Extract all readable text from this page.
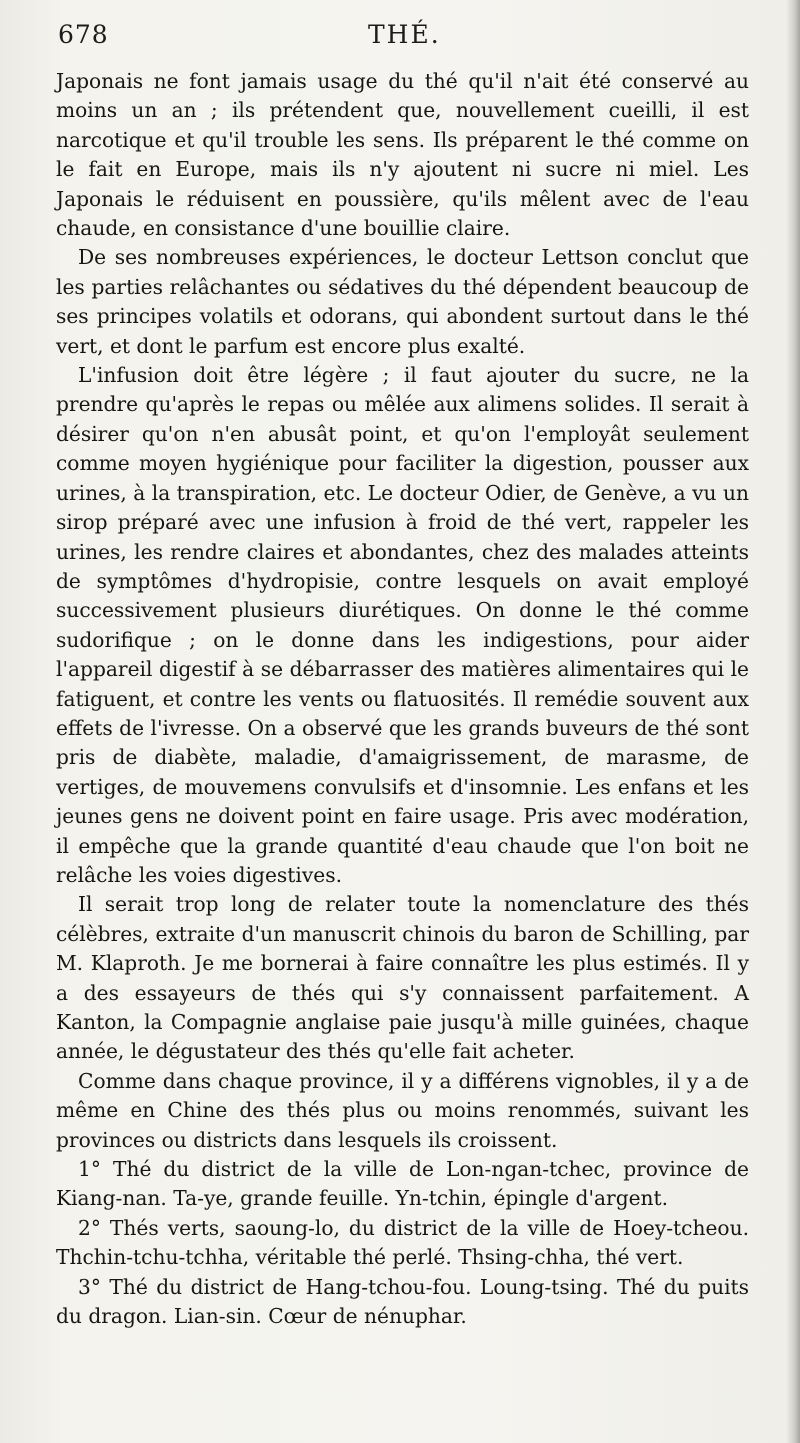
678	THÉ.

Japonais ne font jamais usage du thé qu'il n'ait été conservé au moins un an ; ils prétendent que, nouvellement cueilli, il est narcotique et qu'il trouble les sens. Ils préparent le thé comme on le fait en Europe, mais ils n'y ajoutent ni sucre ni miel. Les Japonais le réduisent en poussière, qu'ils mêlent avec de l'eau chaude, en consistance d'une bouillie claire.

De ses nombreuses expériences, le docteur Lettson conclut que les parties relâchantes ou sédatives du thé dépendent beaucoup de ses principes volatils et odorans, qui abondent surtout dans le thé vert, et dont le parfum est encore plus exalté.

L'infusion doit être légère ; il faut ajouter du sucre, ne la prendre qu'après le repas ou mêlée aux alimens solides. Il serait à désirer qu'on n'en abusât point, et qu'on l'employât seulement comme moyen hygiénique pour faciliter la digestion, pousser aux urines, à la transpiration, etc. Le docteur Odier, de Genève, a vu un sirop préparé avec une infusion à froid de thé vert, rappeler les urines, les rendre claires et abondantes, chez des malades atteints de symptômes d'hydropisie, contre lesquels on avait employé successivement plusieurs diurétiques. On donne le thé comme sudorifique ; on le donne dans les indigestions, pour aider l'appareil digestif à se débarrasser des matières alimentaires qui le fatiguent, et contre les vents ou flatuosités. Il remédie souvent aux effets de l'ivresse. On a observé que les grands buveurs de thé sont pris de diabète, maladie, d'amaigrissement, de marasme, de vertiges, de mouvemens convulsifs et d'insomnie. Les enfans et les jeunes gens ne doivent point en faire usage. Pris avec modération, il empêche que la grande quantité d'eau chaude que l'on boit ne relâche les voies digestives.

Il serait trop long de relater toute la nomenclature des thés célèbres, extraite d'un manuscrit chinois du baron de Schilling, par M. Klaproth. Je me bornerai à faire connaître les plus estimés. Il y a des essayeurs de thés qui s'y connaissent parfaitement. A Kanton, la Compagnie anglaise paie jusqu'à mille guinées, chaque année, le dégustateur des thés qu'elle fait acheter.

Comme dans chaque province, il y a différens vignobles, il y a de même en Chine des thés plus ou moins renommés, suivant les provinces ou districts dans lesquels ils croissent.

1° Thé du district de la ville de Lon-ngan-tchec, province de Kiang-nan. Ta-ye, grande feuille. Yn-tchin, épingle d'argent.

2° Thés verts, saoung-lo, du district de la ville de Hoey-tcheou. Thchin-tchu-tchha, véritable thé perlé. Thsing-chha, thé vert.

3° Thé du district de Hang-tchou-fou. Loung-tsing. Thé du puits du dragon. Lian-sin. Cœur de nénuphar.
